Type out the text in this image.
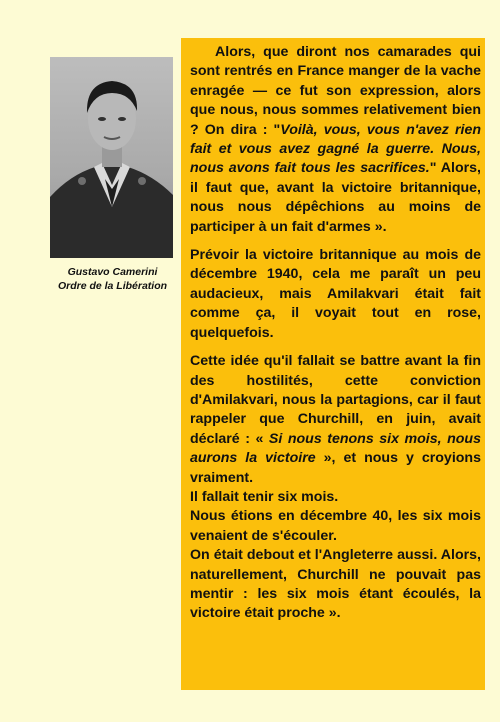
Gustavo Camerini
Ordre de la Libération

Alors, que diront nos camarades qui sont rentrés en France manger de la vache enragée — ce fut son expression, alors que nous, nous sommes relativement bien ? On dira : "Voilà, vous, vous n'avez rien fait et vous avez gagné la guerre. Nous, nous avons fait tous les sacrifices." Alors, il faut que, avant la victoire britannique, nous nous dépêchions au moins de participer à un fait d'armes ».

Prévoir la victoire britannique au mois de décembre 1940, cela me paraît un peu audacieux, mais Amilakvari était fait comme ça, il voyait tout en rose, quelquefois.

Cette idée qu'il fallait se battre avant la fin des hostilités, cette conviction d'Amilakvari, nous la partagions, car il faut rappeler que Churchill, en juin, avait déclaré : « Si nous tenons six mois, nous aurons la victoire », et nous y croyions vraiment.

Il fallait tenir six mois.

Nous étions en décembre 40, les six mois venaient de s'écouler.

On était debout et l'Angleterre aussi. Alors, naturellement, Churchill ne pouvait pas mentir : les six mois étant écoulés, la victoire était proche ».
